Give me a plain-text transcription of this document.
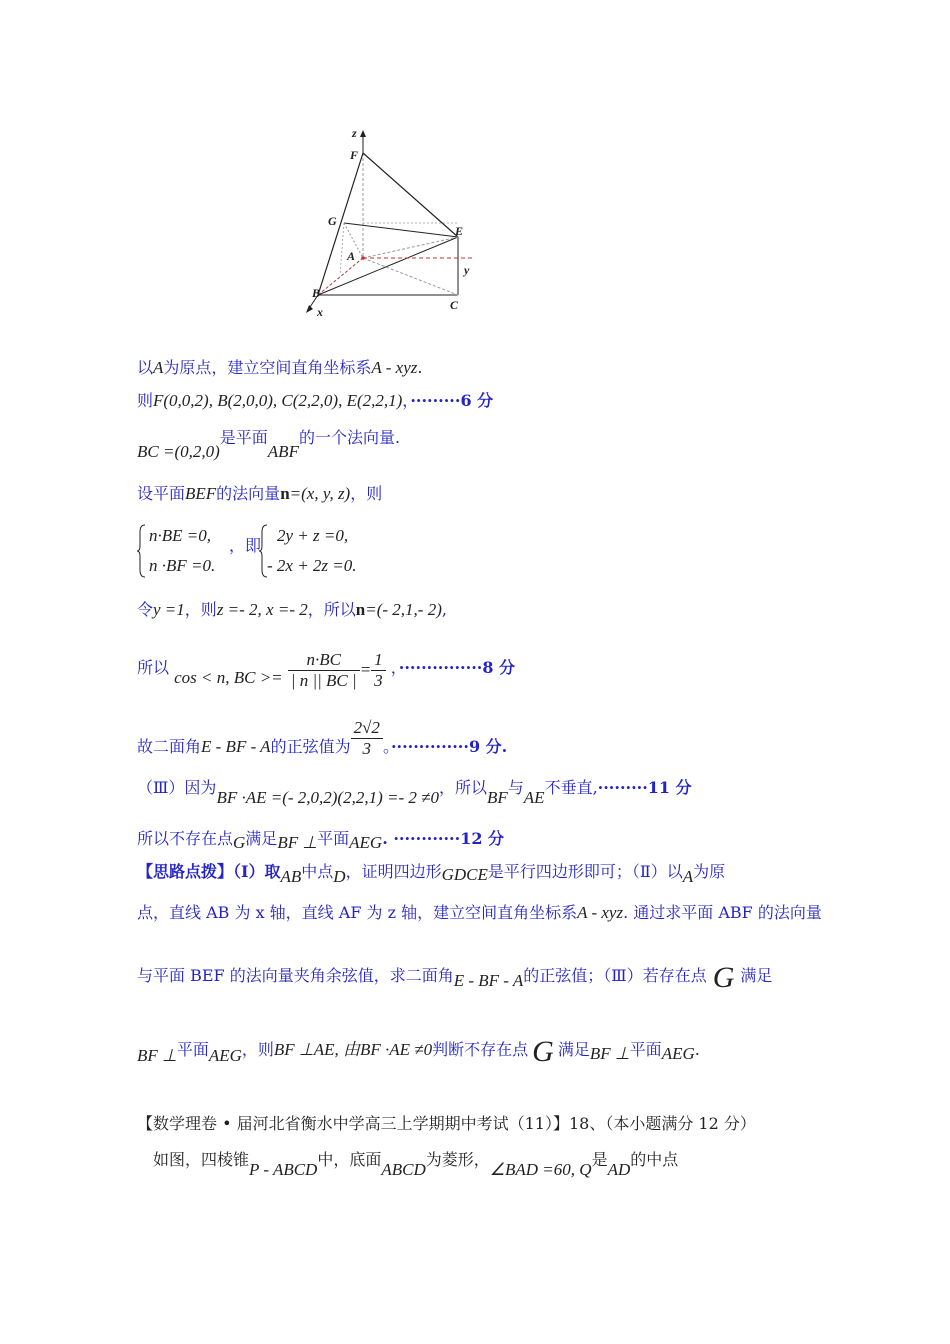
z
F
G
E
A
y
B
x	C
以A为原点，建立空间直角坐标系A - xyz.
则F(0,0,2), B(2,0,0), C(2,2,0), E(2,2,1)，·········6 分
BC =(0,2,0)是平面ABF的一个法向量.
设平面BEF的法向量n=(x, y, z)，则
n·BE =0,
n ·BF =0.
，即
2y + z =0,
- 2x + 2z =0.
令y =1，则z =- 2, x =- 2，所以n=(- 2,1,- 2),
所以 cos < n, BC >= $\frac{n\cdot BC}{| n || BC |} = \frac{1}{3}$ ，···············8 分
故二面角E - BF - A的正弦值为 $\frac{2√2}{3}$ 。··············9 分.
（Ⅲ）因为BF ·AE =(- 2,0,2)(2,2,1) =- 2 ≠0，所以BF与AE不垂直,·········11 分
所以不存在点G满足BF ⊥平面AEG. ············12 分
【思路点拨】（Ⅰ）取AB中点D，证明四边形GDCE是平行四边形即可；（Ⅱ）以A为原
点，直线 AB 为 x 轴，直线 AF 为 z 轴，建立空间直角坐标系A - xyz. 通过求平面 ABF 的法向量
与平面 BEF 的法向量夹角余弦值，求二面角E - BF - A的正弦值；（Ⅲ）若存在点 G 满足
BF ⊥平面AEG，则BF ⊥AE, 由BF ·AE ≠0判断不存在点 G 满足BF ⊥平面AEG.
【数学理卷 • 届河北省衡水中学高三上学期期中考试（11）】18、（本小题满分 12 分）
如图，四棱锥P - ABCD中，底面ABCD为菱形，∠BAD =60, Q是AD的中点
